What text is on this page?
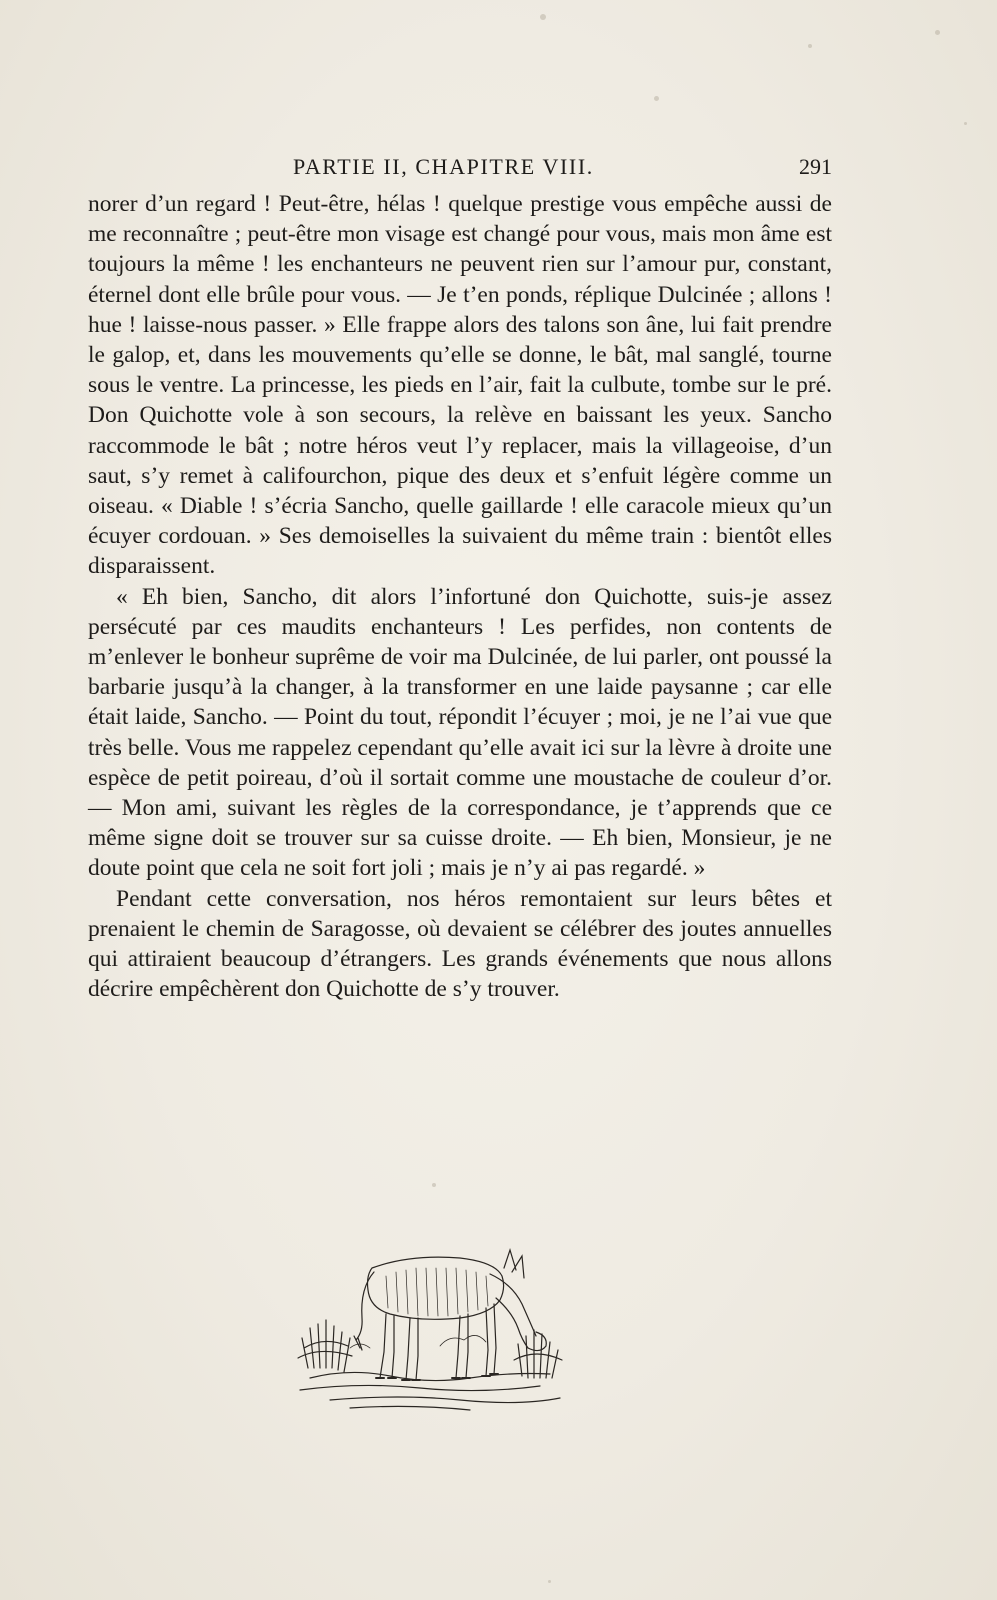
PARTIE II, CHAPITRE VIII.	291

norer d’un regard ! Peut-être, hélas ! quelque prestige vous empêche aussi de me reconnaître ; peut-être mon visage est changé pour vous, mais mon âme est toujours la même ! les enchanteurs ne peuvent rien sur l’amour pur, constant, éternel dont elle brûle pour vous. — Je t’en ponds, réplique Dulcinée ; allons ! hue ! laisse-nous passer. » Elle frappe alors des talons son âne, lui fait prendre le galop, et, dans les mouvements qu’elle se donne, le bât, mal sanglé, tourne sous le ventre. La princesse, les pieds en l’air, fait la culbute, tombe sur le pré. Don Quichotte vole à son secours, la relève en baissant les yeux. Sancho raccommode le bât ; notre héros veut l’y replacer, mais la villageoise, d’un saut, s’y remet à califourchon, pique des deux et s’enfuit légère comme un oiseau. « Diable ! s’écria Sancho, quelle gaillarde ! elle caracole mieux qu’un écuyer cordouan. » Ses demoiselles la suivaient du même train : bientôt elles disparaissent.

« Eh bien, Sancho, dit alors l’infortuné don Quichotte, suis-je assez persécuté par ces maudits enchanteurs ! Les perfides, non contents de m’enlever le bonheur suprême de voir ma Dulcinée, de lui parler, ont poussé la barbarie jusqu’à la changer, à la transformer en une laide paysanne ; car elle était laide, Sancho. — Point du tout, répondit l’écuyer ; moi, je ne l’ai vue que très belle. Vous me rappelez cependant qu’elle avait ici sur la lèvre à droite une espèce de petit poireau, d’où il sortait comme une moustache de couleur d’or. — Mon ami, suivant les règles de la correspondance, je t’apprends que ce même signe doit se trouver sur sa cuisse droite. — Eh bien, Monsieur, je ne doute point que cela ne soit fort joli ; mais je n’y ai pas regardé. »

Pendant cette conversation, nos héros remontaient sur leurs bêtes et prenaient le chemin de Saragosse, où devaient se célébrer des joutes annuelles qui attiraient beaucoup d’étrangers. Les grands événements que nous allons décrire empêchèrent don Quichotte de s’y trouver.
